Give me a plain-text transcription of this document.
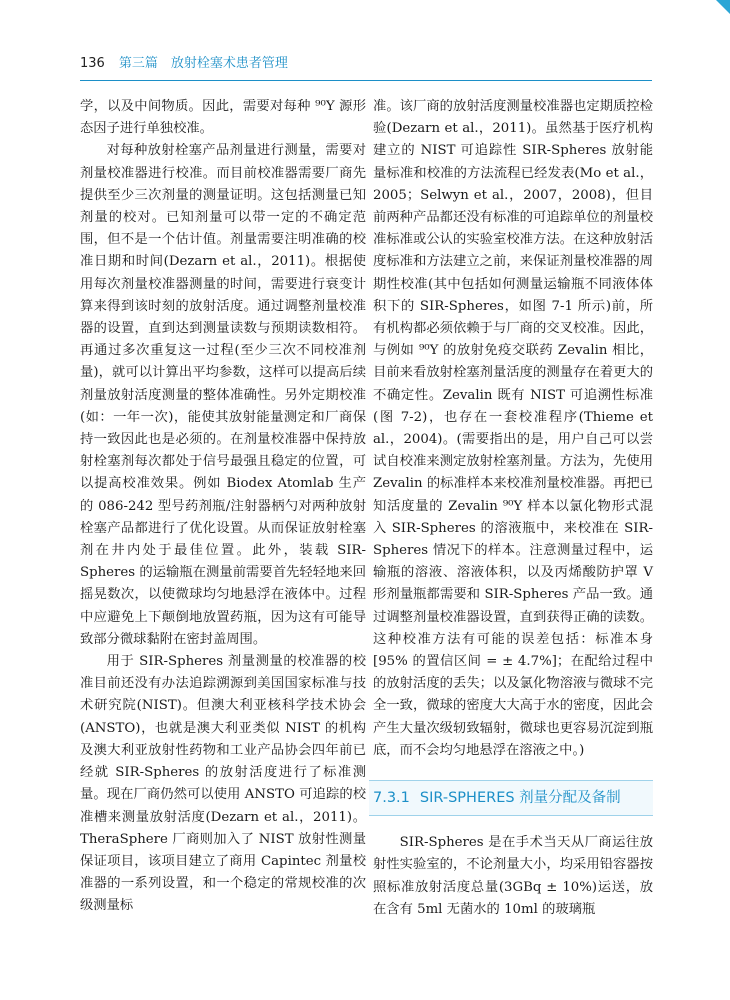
136 第三篇　放射栓塞术患者管理

学，以及中间物质。因此，需要对每种 ⁹⁰Y 源形态因子进行单独校准。

对每种放射栓塞产品剂量进行测量，需要对剂量校准器进行校准。而目前校准器需要厂商先提供至少三次剂量的测量证明。这包括测量已知剂量的校对。已知剂量可以带一定的不确定范围，但不是一个估计值。剂量需要注明准确的校准日期和时间(Dezarn et al.，2011)。根据使用每次剂量校准器测量的时间，需要进行衰变计算来得到该时刻的放射活度。通过调整剂量校准器的设置，直到达到测量读数与预期读数相符。再通过多次重复这一过程(至少三次不同校准剂量)，就可以计算出平均参数，这样可以提高后续剂量放射活度测量的整体准确性。另外定期校准(如：一年一次)，能使其放射能量测定和厂商保持一致因此也是必须的。在剂量校准器中保持放射栓塞剂每次都处于信号最强且稳定的位置，可以提高校准效果。例如 Biodex Atomlab 生产的 086-242 型号药剂瓶/注射器柄勺对两种放射栓塞产品都进行了优化设置。从而保证放射栓塞剂在井内处于最佳位置。此外，装载 SIR-Spheres 的运输瓶在测量前需要首先轻轻地来回摇晃数次，以使微球均匀地悬浮在液体中。过程中应避免上下颠倒地放置药瓶，因为这有可能导致部分微球黏附在密封盖周围。

用于 SIR-Spheres 剂量测量的校准器的校准目前还没有办法追踪溯源到美国国家标准与技术研究院(NIST)。但澳大利亚核科学技术协会(ANSTO)，也就是澳大利亚类似 NIST 的机构及澳大利亚放射性药物和工业产品协会四年前已经就 SIR-Spheres 的放射活度进行了标准测量。现在厂商仍然可以使用 ANSTO 可追踪的校准槽来测量放射活度(Dezarn et al.，2011)。TheraSphere 厂商则加入了 NIST 放射性测量保证项目，该项目建立了商用 Capintec 剂量校准器的一系列设置，和一个稳定的常规校准的次级测量标

准。该厂商的放射活度测量校准器也定期质控检验(Dezarn et al.，2011)。虽然基于医疗机构建立的 NIST 可追踪性 SIR-Spheres 放射能量标准和校准的方法流程已经发表(Mo et al.，2005；Selwyn et al.，2007，2008)，但目前两种产品都还没有标准的可追踪单位的剂量校准标准或公认的实验室校准方法。在这种放射活度标准和方法建立之前，来保证剂量校准器的周期性校准(其中包括如何测量运输瓶不同液体体积下的 SIR-Spheres，如图 7-1 所示)前，所有机构都必须依赖于与厂商的交叉校准。因此，与例如 ⁹⁰Y 的放射免疫交联药 Zevalin 相比，目前来看放射栓塞剂量活度的测量存在着更大的不确定性。Zevalin 既有 NIST 可追溯性标准(图 7-2)，也存在一套校准程序(Thieme et al.，2004)。(需要指出的是，用户自己可以尝试自校准来测定放射栓塞剂量。方法为，先使用 Zevalin 的标准样本来校准剂量校准器。再把已知活度量的 Zevalin ⁹⁰Y 样本以氯化物形式混入 SIR-Spheres 的溶液瓶中，来校准在 SIR-Spheres 情况下的样本。注意测量过程中，运输瓶的溶液、溶液体积，以及丙烯酸防护罩 V 形剂量瓶都需要和 SIR-Spheres 产品一致。通过调整剂量校准器设置，直到获得正确的读数。这种校准方法有可能的误差包括：标准本身[95% 的置信区间 = ± 4.7%]；在配给过程中的放射活度的丢失；以及氯化物溶液与微球不完全一致，微球的密度大大高于水的密度，因此会产生大量次级轫致辐射，微球也更容易沉淀到瓶底，而不会均匀地悬浮在溶液之中。)

7.3.1 SIR-SPHERES 剂量分配及备制

SIR-Spheres 是在手术当天从厂商运往放射性实验室的，不论剂量大小，均采用铅容器按照标准放射活度总量(3GBq ± 10%)运送，放在含有 5ml 无菌水的 10ml 的玻璃瓶
